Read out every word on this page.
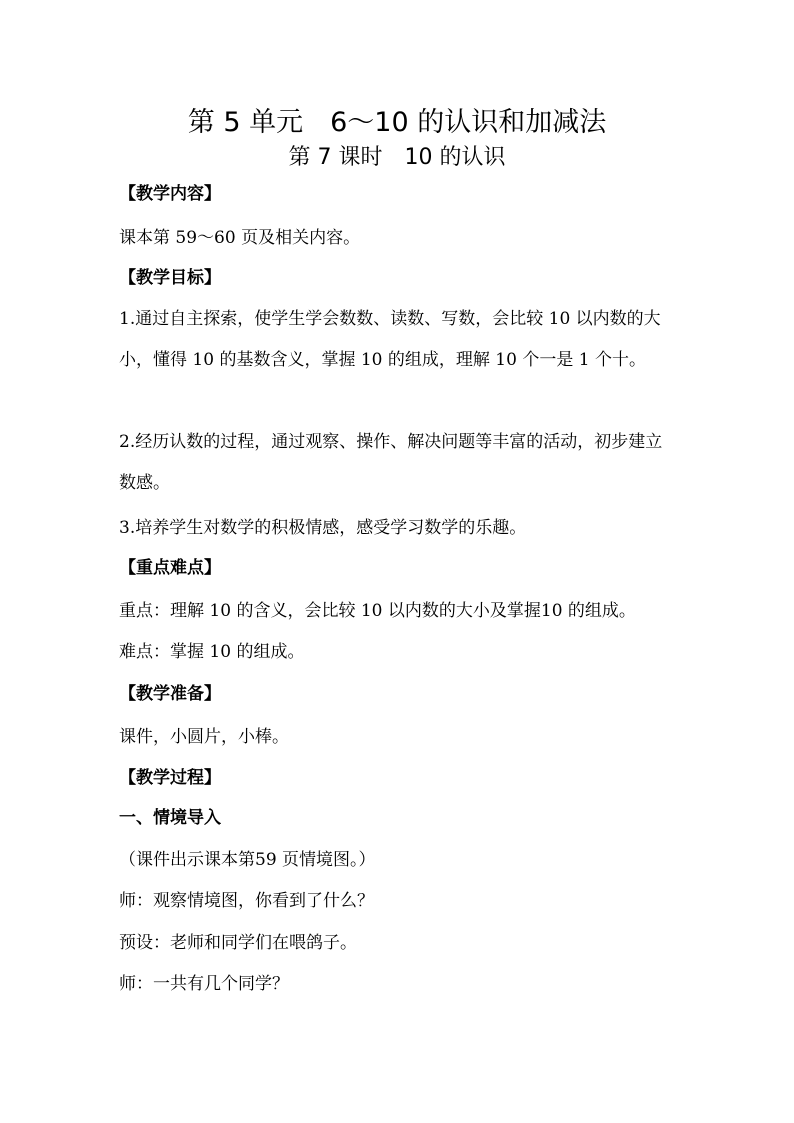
第 5 单元　6～10 的认识和加减法
第 7 课时　10 的认识
【教学内容】
课本第 59～60 页及相关内容。
【教学目标】
1.通过自主探索，使学生学会数数、读数、写数，会比较 10 以内数的大小，懂得 10 的基数含义，掌握 10 的组成，理解 10 个一是 1 个十。
2.经历认数的过程，通过观察、操作、解决问题等丰富的活动，初步建立数感。
3.培养学生对数学的积极情感，感受学习数学的乐趣。
【重点难点】
重点：理解 10 的含义，会比较 10 以内数的大小及掌握10 的组成。
难点：掌握 10 的组成。
【教学准备】
课件，小圆片，小棒。
【教学过程】
一、情境导入
（课件出示课本第59 页情境图。）
师：观察情境图，你看到了什么？
预设：老师和同学们在喂鸽子。
师：一共有几个同学？
